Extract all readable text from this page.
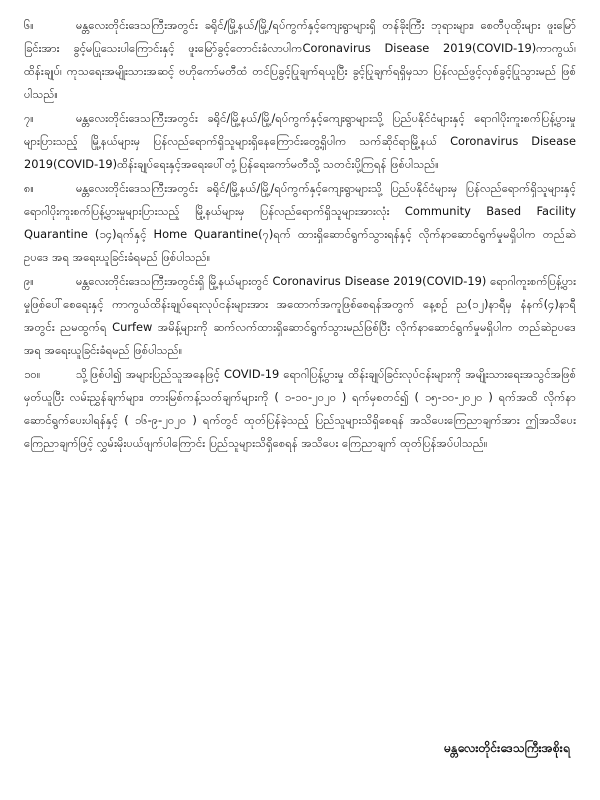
၆။	မန္တလေးတိုင်းဒေသကြီးအတွင်း ခရိုင်/မြို့နယ်/မြို့/ရပ်ကွက်နှင့်ကျေးရွာများရှိ တန်ခိုးကြီး ဘုရားများ၊ စေတီပုထိုးများ ဖူးမြော်ခြင်းအား ခွင့်မပြုသေးပါကြောင်းနှင့် ဖူးမြော်ခွင့်တောင်းခံလာပါကCoronavirus Disease 2019(COVID-19)ကာကွယ်၊ ထိန်းချုပ်၊ ကုသရေးအမျိုးသားအဆင့် ဗဟိုကော်မတီထံ တင်ပြခွင့်ပြုချက်ရယူပြီး ခွင့်ပြုချက်ရရှိမှသာ ပြန်လည်ဖွင့်လှစ်ခွင့်ပြုသွားမည် ဖြစ်ပါသည်။

၇။	မန္တလေးတိုင်းဒေသကြီးအတွင်း ခရိုင်/မြို့နယ်/မြို့/ရပ်ကွက်နှင့်ကျေးရွာများသို့ ပြည်ပနိုင်ငံများနှင့် ရောဂါပိုးကူးစက်ပြန့်ပွားမှုများပြားသည့် မြို့နယ်များမှ ပြန်လည်ရောက်ရှိသူများရှိနေကြောင်းတွေ့ရှိပါက သက်ဆိုင်ရာမြို့နယ် Coronavirus Disease 2019(COVID-19)ထိန်းချုပ်ရေးနှင့်အရေးပေါ်တုံ့ပြန်ရေးကော်မတီသို့ သတင်းပို့ကြရန် ဖြစ်ပါသည်။

၈။	မန္တလေးတိုင်းဒေသကြီးအတွင်း ခရိုင်/မြို့နယ်/မြို့/ရပ်ကွက်နှင့်ကျေးရွာများသို့ ပြည်ပနိုင်ငံများမှ ပြန်လည်ရောက်ရှိသူများနှင့် ရောဂါပိုးကူးစက်ပြန့်ပွားမှုများပြားသည့် မြို့နယ်များမှ ပြန်လည်ရောက်ရှိသူများအားလုံး Community Based Facility Quarantine (၁၄)ရက်နှင့် Home Quarantine(၇)ရက် ထားရှိဆောင်ရွက်သွားရန်နှင့် လိုက်နာဆောင်ရွက်မှုမရှိပါက တည်ဆဲဥပဒေ အရ အရေးယူခြင်းခံရမည် ဖြစ်ပါသည်။

၉။	မန္တလေးတိုင်းဒေသကြီးအတွင်းရှိ မြို့နယ်များတွင် Coronavirus Disease 2019(COVID-19) ရောဂါကူးစက်ပြန့်ပွားမှုဖြစ်ပေါ်စေရေးနှင့် ကာကွယ်ထိန်းချုပ်ရေးလုပ်ငန်းများအား အထောက်အကူဖြစ်စေရန်အတွက် နေ့စဉ် ည(၁၂)နာရီမှ နံနက်(၄)နာရီအတွင်း ညမထွက်ရ Curfew အမိန့်များကို ဆက်လက်ထားရှိဆောင်ရွက်သွားမည်ဖြစ်ပြီး လိုက်နာဆောင်ရွက်မှုမရှိပါက တည်ဆဲဥပဒေ အရ အရေးယူခြင်းခံရမည် ဖြစ်ပါသည်။

၁၀။	သို့ဖြစ်ပါ၍ အများပြည်သူအနေဖြင့် COVID-19 ရောဂါပြန့်ပွားမှု ထိန်းချုပ်ခြင်းလုပ်ငန်းများကို အမျိုးသားရေးအသွင်အဖြစ်မှတ်ယူပြီး လမ်းညွှန်ချက်များ၊ တားမြစ်ကန့်သတ်ချက်များကို ( ၁-၁၀-၂၀၂၀ ) ရက်မှစတင်၍ ( ၁၅-၁၀-၂၀၂၀ ) ရက်အထိ လိုက်နာဆောင်ရွက်ပေးပါရန်နှင့် ( ၁၆-၉-၂၀၂၀ ) ရက်တွင် ထုတ်ပြန်ခဲ့သည့် ပြည်သူများသိရှိစေရန် အသိပေးကြေညာချက်အား ဤအသိပေးကြေညာချက်ဖြင့် လွှမ်းမိုးပယ်ဖျက်ပါကြောင်း ပြည်သူများသိရှိစေရန် အသိပေး ကြေညာချက် ထုတ်ပြန်အပ်ပါသည်။

မန္တလေးတိုင်းဒေသကြီးအစိုးရ
